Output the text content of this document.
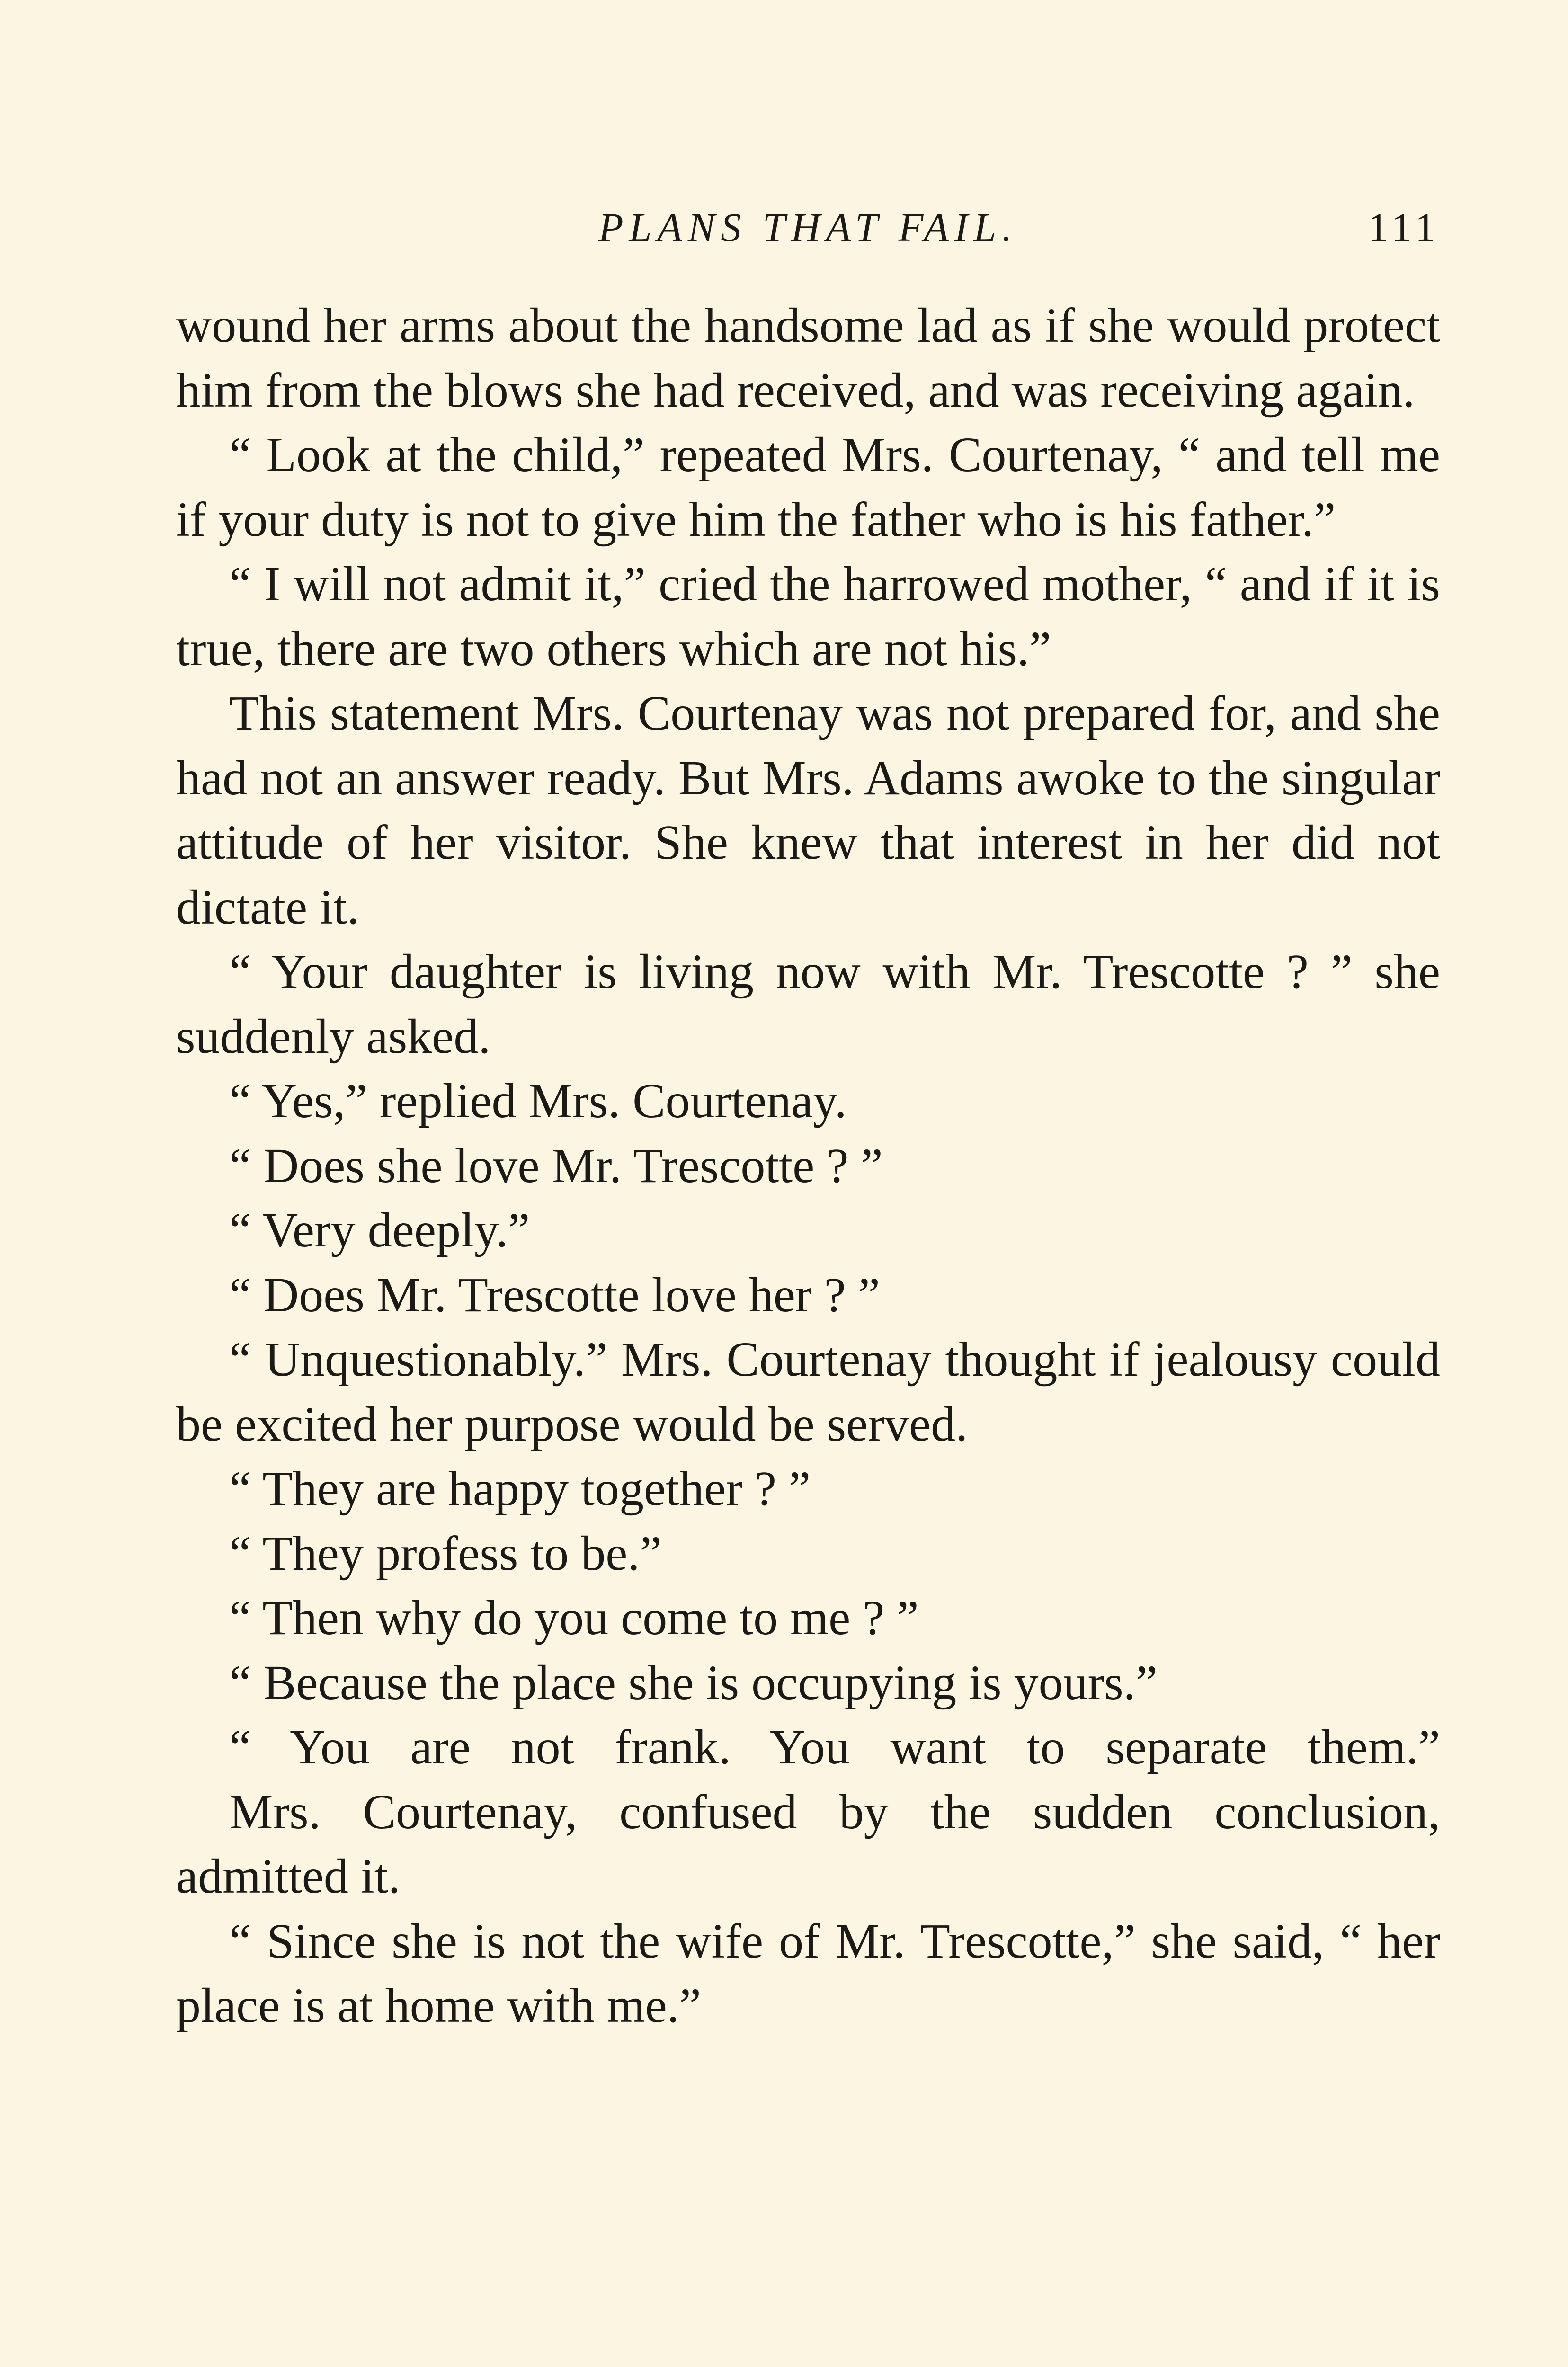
PLANS THAT FAIL.	111

wound her arms about the handsome lad as if she would protect him from the blows she had received, and was receiving again.

“ Look at the child,” repeated Mrs. Courtenay, “ and tell me if your duty is not to give him the father who is his father.”

“ I will not admit it,” cried the harrowed mother, “ and if it is true, there are two others which are not his.”

This statement Mrs. Courtenay was not prepared for, and she had not an answer ready. But Mrs. Adams awoke to the singular attitude of her visitor. She knew that interest in her did not dictate it.

“ Your daughter is living now with Mr. Trescotte ? ” she suddenly asked.

“ Yes,” replied Mrs. Courtenay.

“ Does she love Mr. Trescotte ? ”

“ Very deeply.”

“ Does Mr. Trescotte love her ? ”

“ Unquestionably.” Mrs. Courtenay thought if jealousy could be excited her purpose would be served.

“ They are happy together ? ”

“ They profess to be.”

“ Then why do you come to me ? ”

“ Because the place she is occupying is yours.”

“ You are not frank. You want to separate them.”

Mrs. Courtenay, confused by the sudden conclusion, admitted it.

“ Since she is not the wife of Mr. Trescotte,” she said, “ her place is at home with me.”
